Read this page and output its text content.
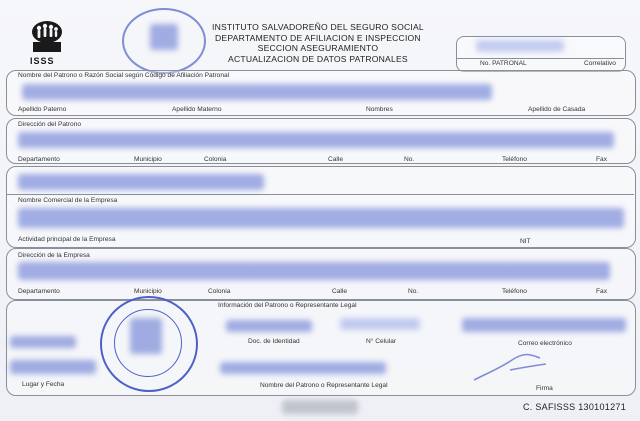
ISSS
INSTITUTO SALVADOREÑO DEL SEGURO SOCIAL
DEPARTAMENTO DE AFILIACION E INSPECCION
SECCION ASEGURAMIENTO
ACTUALIZACION DE DATOS PATRONALES	No. PATRONAL	Correlativo
Nombre del Patrono o Razón Social según Código de Afiliación Patronal
Apellido Paterno	Apellido Materno	Nombres	Apellido de Casada
Dirección del Patrono
Departamento	Municipio	Colonia	Calle	No.	Teléfono	Fax
Nombre Comercial de la Empresa
Actividad principal de la Empresa	NIT
Dirección de la Empresa
Departamento	Municipio	Colonia	Calle	No.	Teléfono	Fax
Información del Patrono o Representante Legal
Doc. de Identidad	N° Celular	Correo electrónico
Lugar y Fecha	Nombre del Patrono o Representante Legal	Firma
C. SAFISSS 130101271
